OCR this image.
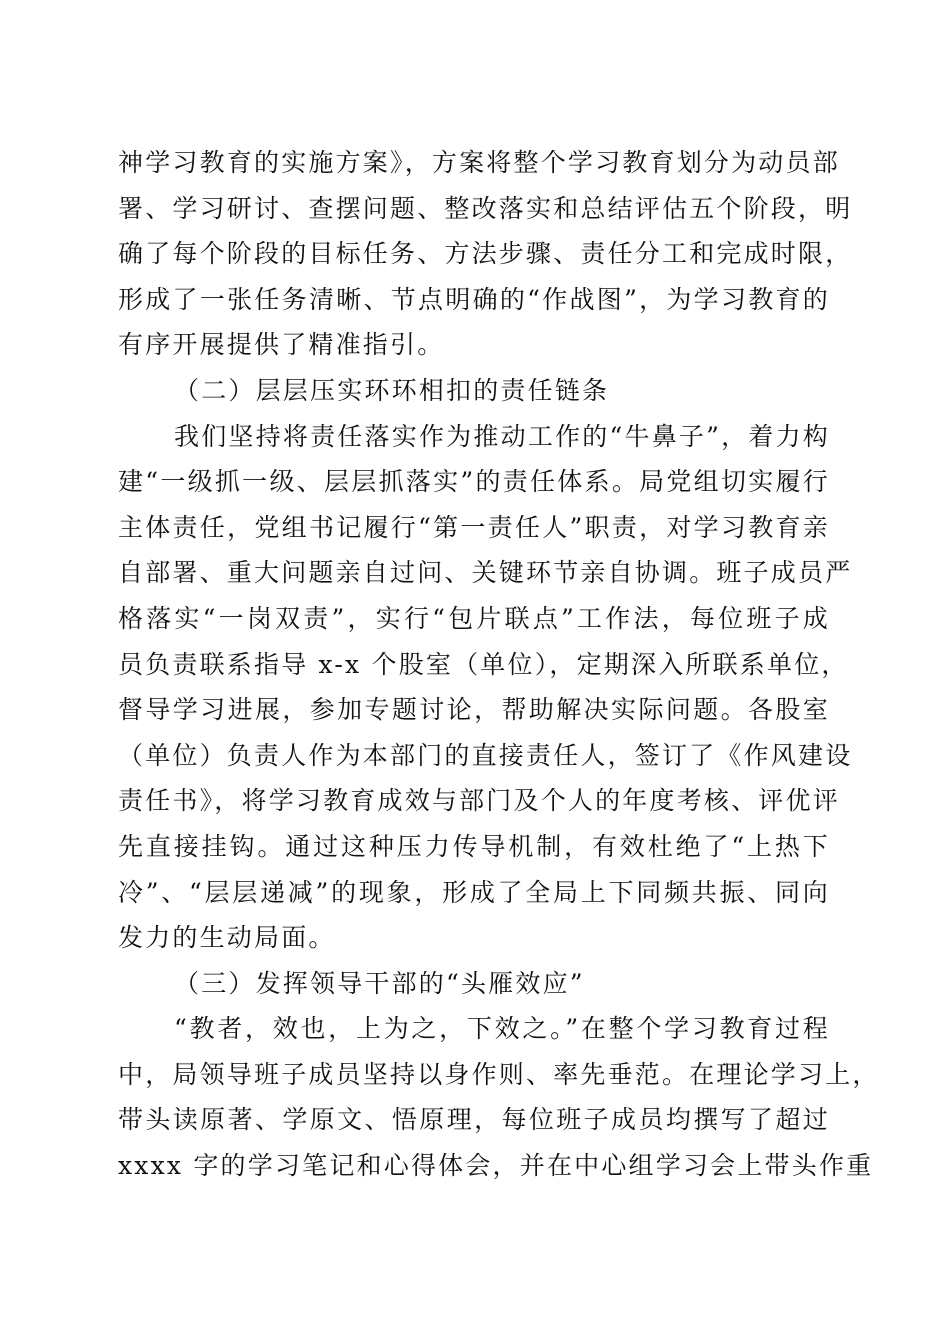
神学习教育的实施方案》，方案将整个学习教育划分为动员部
署、学习研讨、查摆问题、整改落实和总结评估五个阶段，明
确了每个阶段的目标任务、方法步骤、责任分工和完成时限，
形成了一张任务清晰、节点明确的“作战图”，为学习教育的
有序开展提供了精准指引。
（二）层层压实环环相扣的责任链条
我们坚持将责任落实作为推动工作的“牛鼻子”，着力构
建“一级抓一级、层层抓落实”的责任体系。局党组切实履行
主体责任，党组书记履行“第一责任人”职责，对学习教育亲
自部署、重大问题亲自过问、关键环节亲自协调。班子成员严
格落实“一岗双责”，实行“包片联点”工作法，每位班子成
员负责联系指导 x-x 个股室（单位），定期深入所联系单位，
督导学习进展，参加专题讨论，帮助解决实际问题。各股室
（单位）负责人作为本部门的直接责任人，签订了《作风建设
责任书》，将学习教育成效与部门及个人的年度考核、评优评
先直接挂钩。通过这种压力传导机制，有效杜绝了“上热下
冷”、“层层递减”的现象，形成了全局上下同频共振、同向
发力的生动局面。
（三）发挥领导干部的“头雁效应”
“教者，效也，上为之，下效之。”在整个学习教育过程
中，局领导班子成员坚持以身作则、率先垂范。在理论学习上，
带头读原著、学原文、悟原理，每位班子成员均撰写了超过
xxxx 字的学习笔记和心得体会，并在中心组学习会上带头作重
